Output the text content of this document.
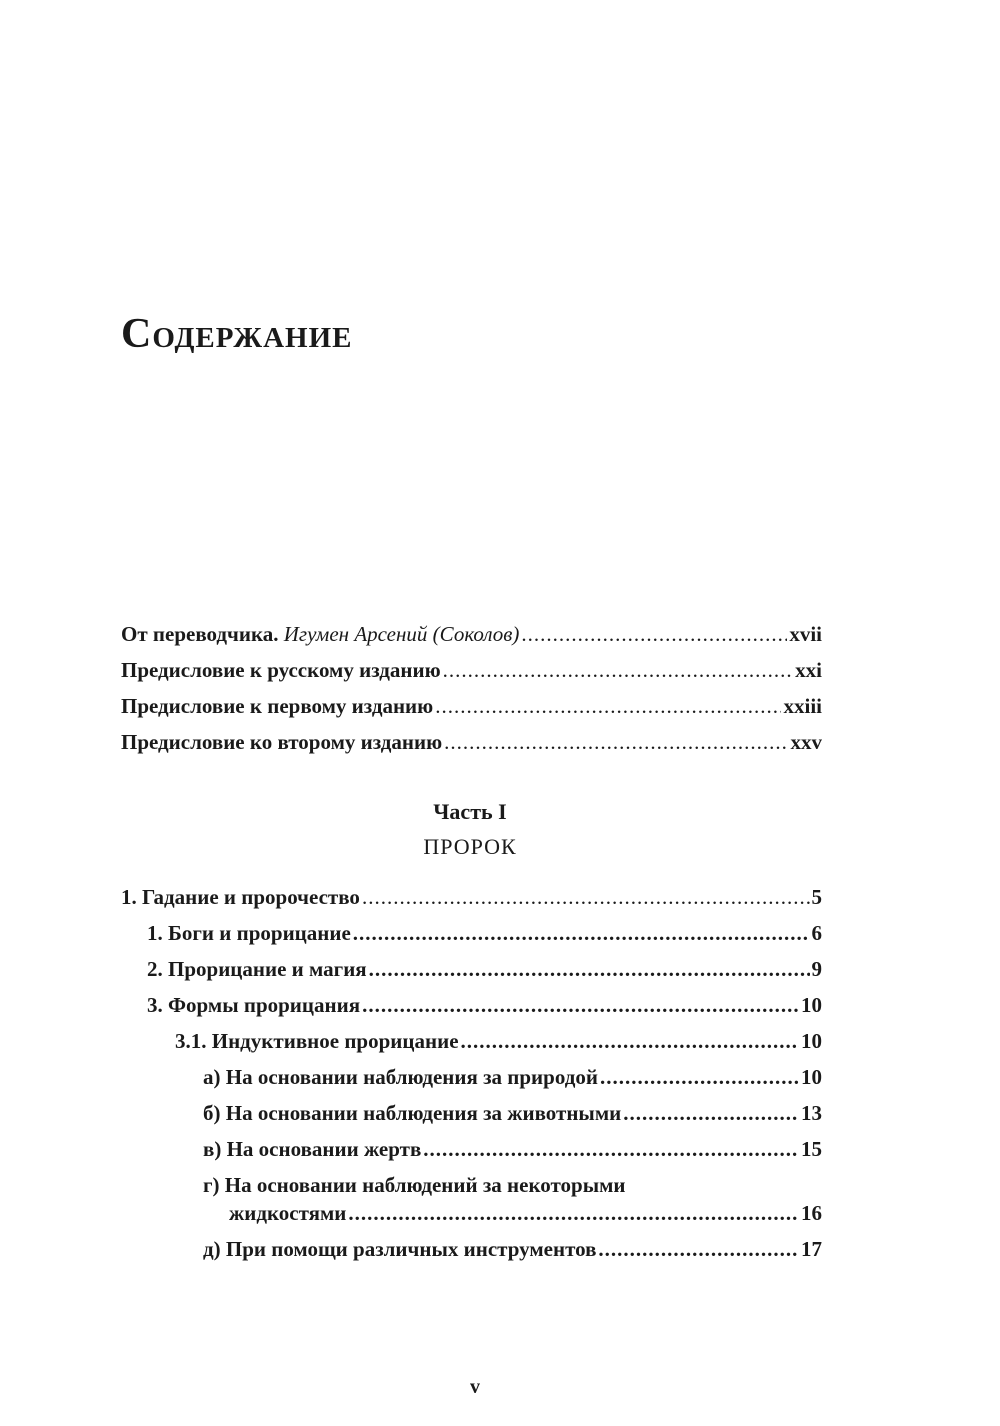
Содержание
От переводчика. Игумен Арсений (Соколов) .....	xvii
Предисловие к русскому изданию .....	xxi
Предисловие к первому изданию .....	xxiii
Предисловие ко второму изданию .....	xxv
Часть I
ПРОРОК
1. Гадание и пророчество .....	5
1. Боги и прорицание .....	6
2. Прорицание и магия .....	9
3. Формы прорицания .....	10
3.1. Индуктивное прорицание .....	10
а) На основании наблюдения за природой .....	10
б) На основании наблюдения за животными .....	13
в) На основании жертв .....	15
г) На основании наблюдений за некоторыми
жидкостями .....	16
д) При помощи различных инструментов .....	17
v
